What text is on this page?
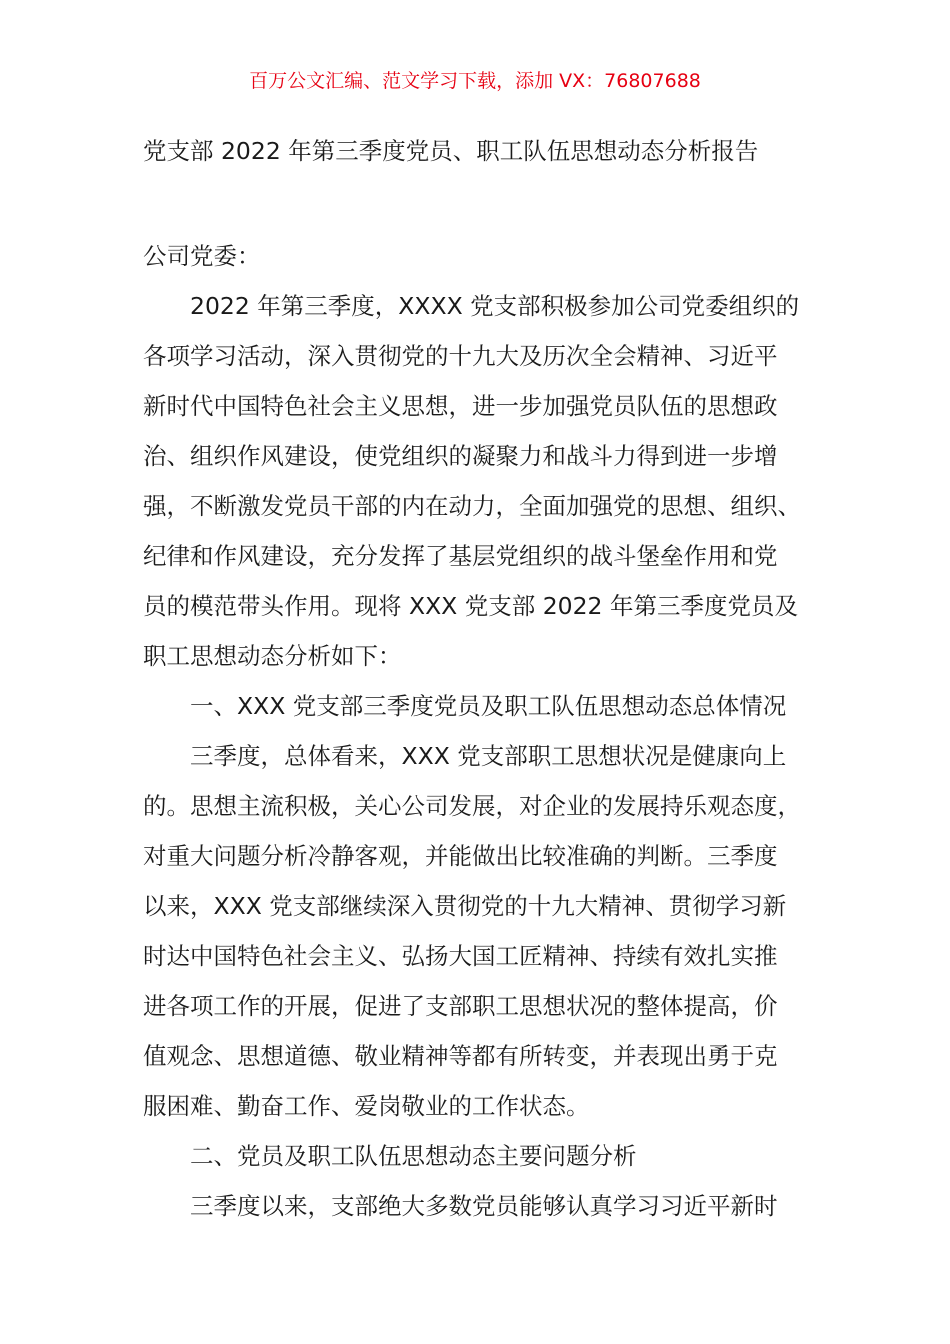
百万公文汇编、范文学习下载，添加 VX：76807688
党支部 2022 年第三季度党员、职工队伍思想动态分析报告
公司党委：
2022 年第三季度，XXXX 党支部积极参加公司党委组织的
各项学习活动，深入贯彻党的十九大及历次全会精神、习近平
新时代中国特色社会主义思想，进一步加强党员队伍的思想政
治、组织作风建设，使党组织的凝聚力和战斗力得到进一步增
强，不断激发党员干部的内在动力，全面加强党的思想、组织、
纪律和作风建设，充分发挥了基层党组织的战斗堡垒作用和党
员的模范带头作用。现将 XXX 党支部 2022 年第三季度党员及
职工思想动态分析如下：
一、XXX 党支部三季度党员及职工队伍思想动态总体情况
三季度，总体看来，XXX 党支部职工思想状况是健康向上
的。思想主流积极，关心公司发展，对企业的发展持乐观态度，
对重大问题分析冷静客观，并能做出比较准确的判断。三季度
以来，XXX 党支部继续深入贯彻党的十九大精神、贯彻学习新
时达中国特色社会主义、弘扬大国工匠精神、持续有效扎实推
进各项工作的开展，促进了支部职工思想状况的整体提高，价
值观念、思想道德、敬业精神等都有所转变，并表现出勇于克
服困难、勤奋工作、爱岗敬业的工作状态。
二、党员及职工队伍思想动态主要问题分析
三季度以来，支部绝大多数党员能够认真学习习近平新时
